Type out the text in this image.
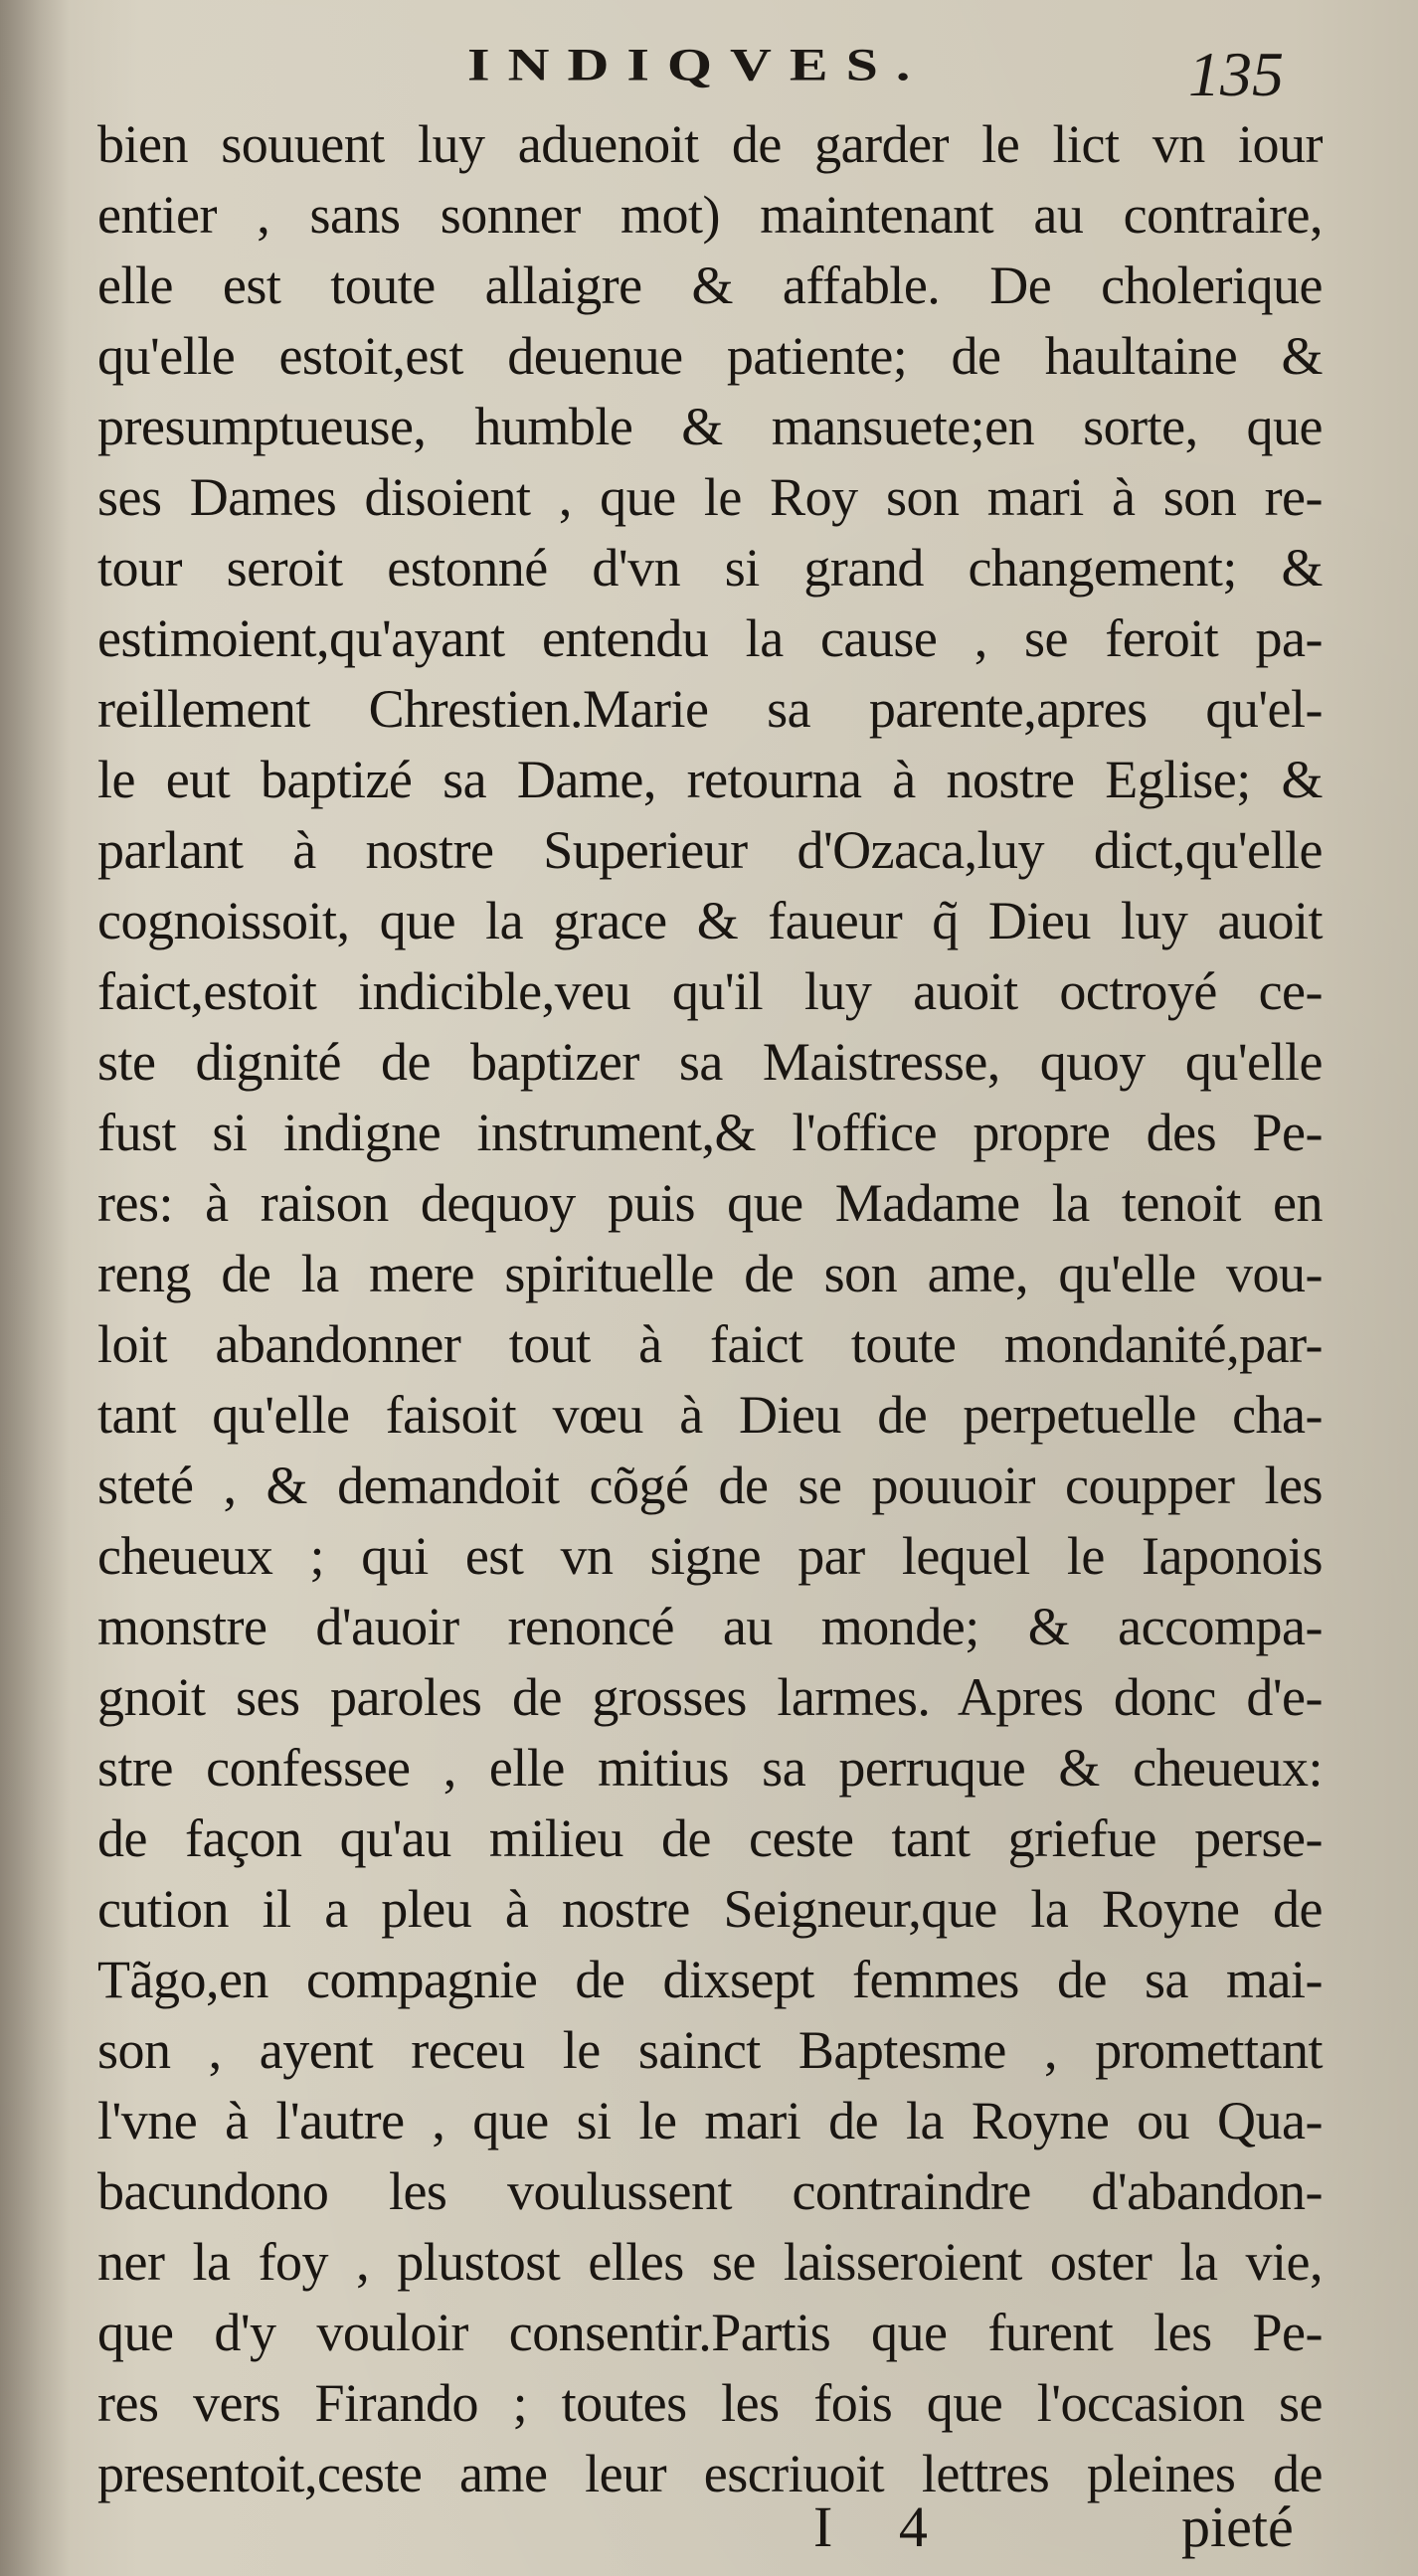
INDIQVES.	135
bien souuent luy aduenoit de garder le lict vn iour
entier , sans sonner mot) maintenant au contraire,
elle est toute allaigre & affable. De cholerique
qu'elle estoit,est deuenue patiente; de haultaine &
presumptueuse, humble & mansuete;en sorte, que
ses Dames disoient , que le Roy son mari à son re-
tour seroit estonné d'vn si grand changement; &
estimoient,qu'ayant entendu la cause , se feroit pa-
reillement Chrestien.Marie sa parente,apres qu'el-
le eut baptizé sa Dame, retourna à nostre Eglise; &
parlant à nostre Superieur d'Ozaca,luy dict,qu'elle
cognoissoit, que la grace & faueur q̃ Dieu luy auoit
faict,estoit indicible,veu qu'il luy auoit octroyé ce-
ste dignité de baptizer sa Maistresse, quoy qu'elle
fust si indigne instrument,& l'office propre des Pe-
res: à raison dequoy puis que Madame la tenoit en
reng de la mere spirituelle de son ame, qu'elle vou-
loit abandonner tout à faict toute mondanité,par-
tant qu'elle faisoit vœu à Dieu de perpetuelle cha-
steté , & demandoit cõgé de se pouuoir coupper les
cheueux ; qui est vn signe par lequel le Iaponois
monstre d'auoir renoncé au monde; & accompa-
gnoit ses paroles de grosses larmes. Apres donc d'e-
stre confessee , elle mitius sa perruque & cheueux:
de façon qu'au milieu de ceste tant griefue perse-
cution il a pleu à nostre Seigneur,que la Royne de
Tãgo,en compagnie de dixsept femmes de sa mai-
son , ayent receu le sainct Baptesme , promettant
l'vne à l'autre , que si le mari de la Royne ou Qua-
bacundono les voulussent contraindre d'abandon-
ner la foy , plustost elles se laisseroient oster la vie,
que d'y vouloir consentir.Partis que furent les Pe-
res vers Firando ; toutes les fois que l'occasion se
presentoit,ceste ame leur escriuoit lettres pleines de
I 4	pieté
